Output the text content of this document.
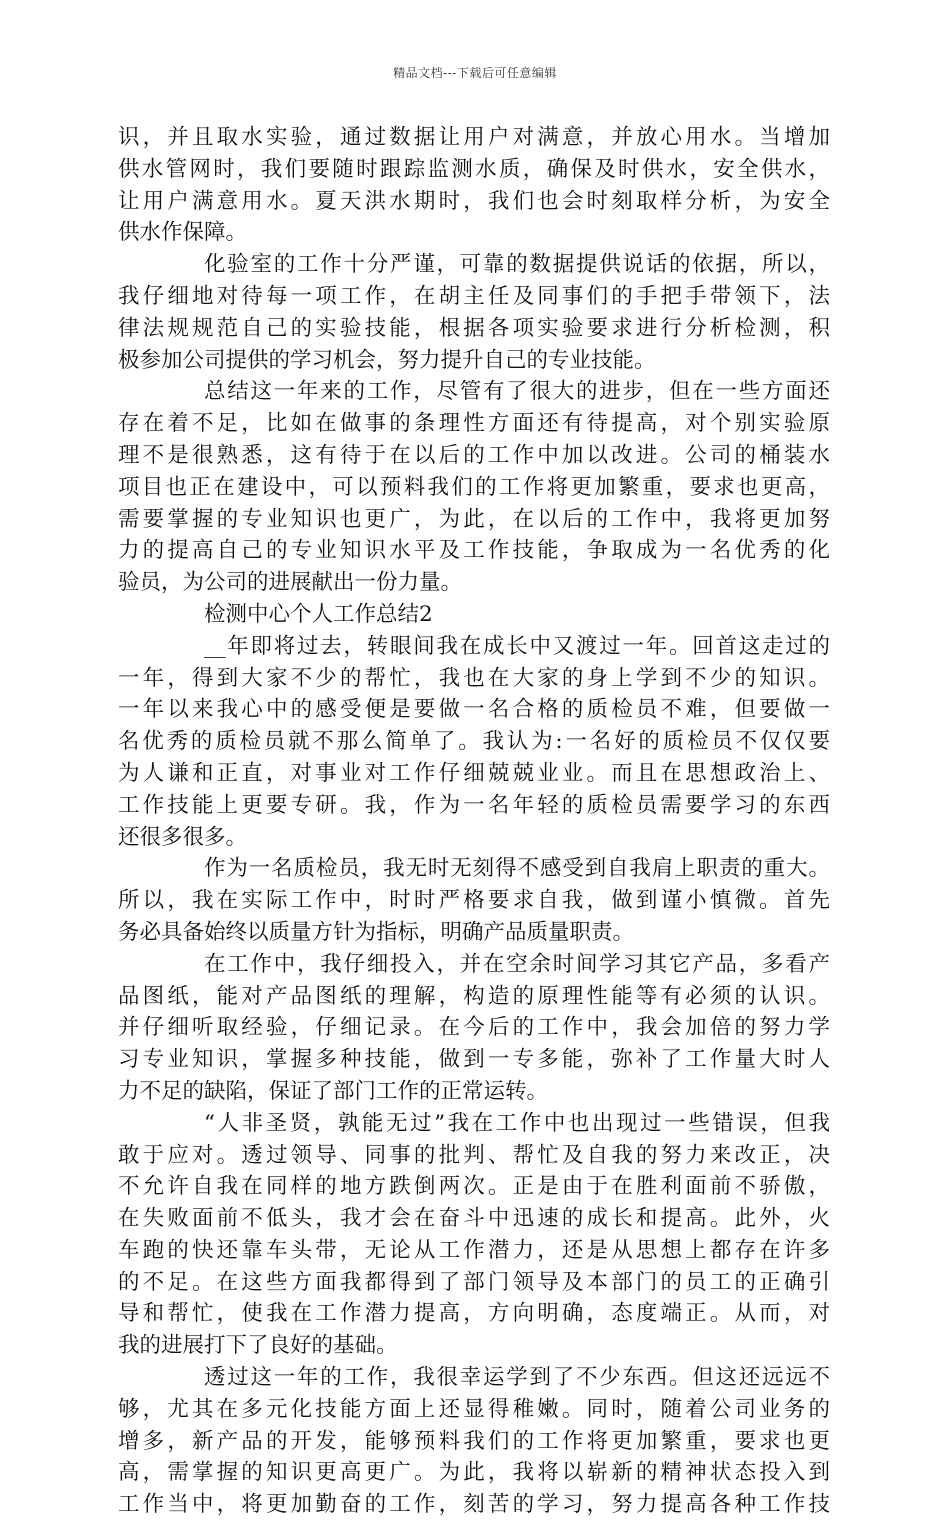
精品文档---下载后可任意编辑
识，并且取水实验，通过数据让用户对满意，并放心用水。当增加
供水管网时，我们要随时跟踪监测水质，确保及时供水，安全供水，
让用户满意用水。夏天洪水期时，我们也会时刻取样分析，为安全
供水作保障。
化验室的工作十分严谨，可靠的数据提供说话的依据，所以，
我仔细地对待每一项工作，在胡主任及同事们的手把手带领下，法
律法规规范自己的实验技能，根据各项实验要求进行分析检测，积
极参加公司提供的学习机会，努力提升自己的专业技能。
总结这一年来的工作，尽管有了很大的进步，但在一些方面还
存在着不足，比如在做事的条理性方面还有待提高，对个别实验原
理不是很熟悉，这有待于在以后的工作中加以改进。公司的桶装水
项目也正在建设中，可以预料我们的工作将更加繁重，要求也更高，
需要掌握的专业知识也更广，为此，在以后的工作中，我将更加努
力的提高自己的专业知识水平及工作技能，争取成为一名优秀的化
验员，为公司的进展献出一份力量。
检测中心个人工作总结2
__年即将过去，转眼间我在成长中又渡过一年。回首这走过的
一年，得到大家不少的帮忙，我也在大家的身上学到不少的知识。
一年以来我心中的感受便是要做一名合格的质检员不难，但要做一
名优秀的质检员就不那么简单了。我认为:一名好的质检员不仅仅要
为人谦和正直，对事业对工作仔细兢兢业业。而且在思想政治上、
工作技能上更要专研。我，作为一名年轻的质检员需要学习的东西
还很多很多。
作为一名质检员，我无时无刻得不感受到自我肩上职责的重大。
所以，我在实际工作中，时时严格要求自我，做到谨小慎微。首先
务必具备始终以质量方针为指标，明确产品质量职责。
在工作中，我仔细投入，并在空余时间学习其它产品，多看产
品图纸，能对产品图纸的理解，构造的原理性能等有必须的认识。
并仔细听取经验，仔细记录。在今后的工作中，我会加倍的努力学
习专业知识，掌握多种技能，做到一专多能，弥补了工作量大时人
力不足的缺陷，保证了部门工作的正常运转。
“人非圣贤，孰能无过”我在工作中也出现过一些错误，但我
敢于应对。透过领导、同事的批判、帮忙及自我的努力来改正，决
不允许自我在同样的地方跌倒两次。正是由于在胜利面前不骄傲，
在失败面前不低头，我才会在奋斗中迅速的成长和提高。此外，火
车跑的快还靠车头带，无论从工作潜力，还是从思想上都存在许多
的不足。在这些方面我都得到了部门领导及本部门的员工的正确引
导和帮忙，使我在工作潜力提高，方向明确，态度端正。从而，对
我的进展打下了良好的基础。
透过这一年的工作，我很幸运学到了不少东西。但这还远远不
够，尤其在多元化技能方面上还显得稚嫩。同时，随着公司业务的
增多，新产品的开发，能够预料我们的工作将更加繁重，要求也更
高，需掌握的知识更高更广。为此，我将以崭新的精神状态投入到
工作当中，将更加勤奋的工作，刻苦的学习，努力提高各种工作技
